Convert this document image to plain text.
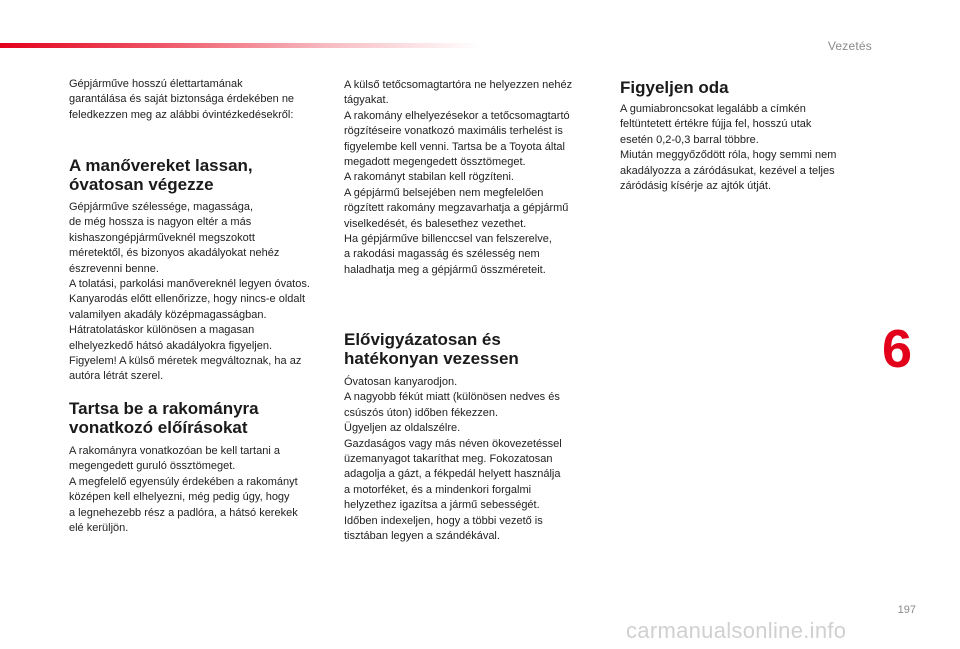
Vezetés
6
197
carmanualsonline.info

Gépjárműve hosszú élettartamának
garantálása és saját biztonsága érdekében ne
feledkezzen meg az alábbi óvintézkedésekről:

A manővereket lassan,
óvatosan végezze

Gépjárműve szélessége, magassága,
de még hossza is nagyon eltér a más
kishaszongépjárműveknél megszokott
méretektől, és bizonyos akadályokat nehéz
észrevenni benne.
A tolatási, parkolási manővereknél legyen óvatos.
Kanyarodás előtt ellenőrizze, hogy nincs-e oldalt
valamilyen akadály középmagasságban.
Hátratolatáskor különösen a magasan
elhelyezkedő hátsó akadályokra figyeljen.
Figyelem! A külső méretek megváltoznak, ha az
autóra létrát szerel.

Tartsa be a rakományra
vonatkozó előírásokat

A rakományra vonatkozóan be kell tartani a
megengedett guruló össztömeget.
A megfelelő egyensúly érdekében a rakományt
középen kell elhelyezni, még pedig úgy, hogy
a legnehezebb rész a padlóra, a hátsó kerekek
elé kerüljön.

A külső tetőcsomagtartóra ne helyezzen nehéz
tágyakat.
A rakomány elhelyezésekor a tetőcsomagtartó
rögzítéseire vonatkozó maximális terhelést is
figyelembe kell venni. Tartsa be a Toyota által
megadott megengedett össztömeget.
A rakományt stabilan kell rögzíteni.
A gépjármű belsejében nem megfelelően
rögzített rakomány megzavarhatja a gépjármű
viselkedését, és balesethez vezethet.
Ha gépjárműve billenccsel van felszerelve,
a rakodási magasság és szélesség nem
haladhatja meg a gépjármű összméreteit.

Elővigyázatosan és
hatékonyan vezessen

Óvatosan kanyarodjon.
A nagyobb fékút miatt (különösen nedves és
csúszós úton) időben fékezzen.
Ügyeljen az oldalszélre.
Gazdaságos vagy más néven ökovezetéssel
üzemanyagot takaríthat meg. Fokozatosan
adagolja a gázt, a fékpedál helyett használja
a motorféket, és a mindenkori forgalmi
helyzethez igazítsa a jármű sebességét.
Időben indexeljen, hogy a többi vezető is
tisztában legyen a szándékával.

Figyeljen oda

A gumiabroncsokat legalább a címkén
feltüntetett értékre fújja fel, hosszú utak
esetén 0,2-0,3 barral többre.
Miután meggyőződött róla, hogy semmi nem
akadályozza a záródásukat, kezével a teljes
záródásig kísérje az ajtók útját.
